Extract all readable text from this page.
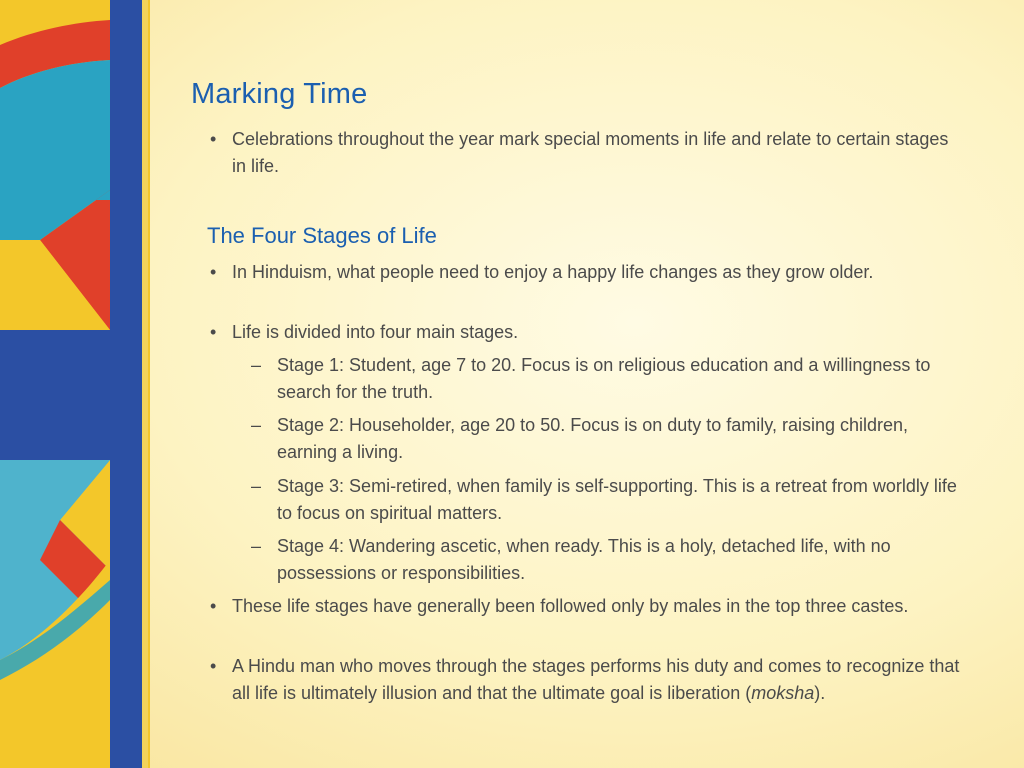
Marking Time

• Celebrations throughout the year mark special moments in life and relate to certain stages in life.

The Four Stages of Life

• In Hinduism, what people need to enjoy a happy life changes as they grow older.

• Life is divided into four main stages.

– Stage 1: Student, age 7 to 20. Focus is on religious education and a willingness to search for the truth.

– Stage 2: Householder, age 20 to 50. Focus is on duty to family, raising children, earning a living.

– Stage 3: Semi-retired, when family is self-supporting. This is a retreat from worldly life to focus on spiritual matters.

– Stage 4: Wandering ascetic, when ready. This is a holy, detached life, with no possessions or responsibilities.

• These life stages have generally been followed only by males in the top three castes.

• A Hindu man who moves through the stages performs his duty and comes to recognize that all life is ultimately illusion and that the ultimate goal is liberation (moksha).
